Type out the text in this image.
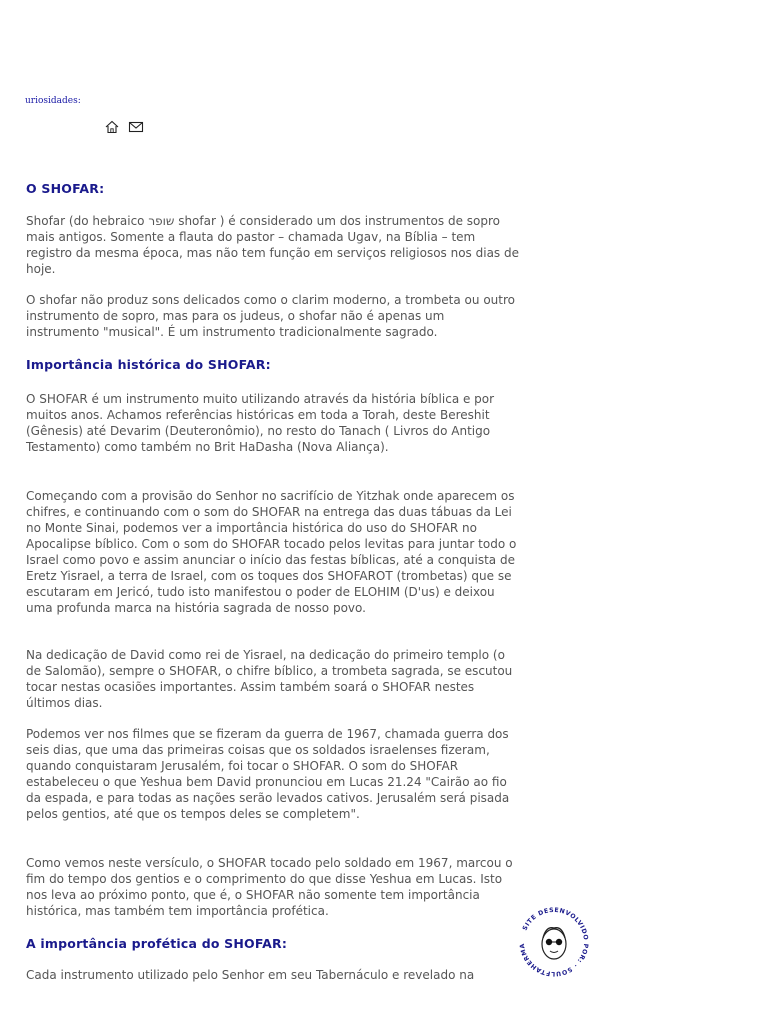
uriosidades:
O SHOFAR:

Shofar (do hebraico שופר shofar ) é considerado um dos instrumentos de sopro mais antigos. Somente a flauta do pastor – chamada Ugav, na Bíblia – tem registro da mesma época, mas não tem função em serviços religiosos nos dias de hoje.

O shofar não produz sons delicados como o clarim moderno, a trombeta ou outro instrumento de sopro, mas para os judeus, o shofar não é apenas um instrumento "musical". É um instrumento tradicionalmente sagrado.

Importância histórica do SHOFAR:

O SHOFAR é um instrumento muito utilizando através da história bíblica e por muitos anos. Achamos referências históricas em toda a Torah, deste Bereshit (Gênesis) até Devarim (Deuteronômio), no resto do Tanach ( Livros do Antigo Testamento) como também no Brit HaDasha (Nova Aliança).

Começando com a provisão do Senhor no sacrifício de Yitzhak onde aparecem os chifres, e continuando com o som do SHOFAR na entrega das duas tábuas da Lei no Monte Sinai, podemos ver a importância histórica do uso do SHOFAR no Apocalipse bíblico. Com o som do SHOFAR tocado pelos levitas para juntar todo o Israel como povo e assim anunciar o início das festas bíblicas, até a conquista de Eretz Yisrael, a terra de Israel, com os toques dos SHOFAROT (trombetas) que se escutaram em Jericó, tudo isto manifestou o poder de ELOHIM (D'us) e deixou uma profunda marca na história sagrada de nosso povo.

Na dedicação de David como rei de Yisrael, na dedicação do primeiro templo (o de Salomão), sempre o SHOFAR, o chifre bíblico, a trombeta sagrada, se escutou tocar nestas ocasiões importantes. Assim também soará o SHOFAR nestes últimos dias.

Podemos ver nos filmes que se fizeram da guerra de 1967, chamada guerra dos seis dias, que uma das primeiras coisas que os soldados israelenses fizeram, quando conquistaram Jerusalém, foi tocar o SHOFAR. O som do SHOFAR estabeleceu o que Yeshua bem David pronunciou em Lucas 21.24 "Cairão ao fio da espada, e para todas as nações serão levados cativos. Jerusalém será pisada pelos gentios, até que os tempos deles se completem".

Como vemos neste versículo, o SHOFAR tocado pelo soldado em 1967, marcou o fim do tempo dos gentios e o comprimento do que disse Yeshua em Lucas. Isto nos leva ao próximo ponto, que é, o SHOFAR não somente tem importância histórica, mas também tem importância profética.

A importância profética do SHOFAR:

Cada instrumento utilizado pelo Senhor em seu Tabernáculo e revelado na

SITE DESENVOLVIDO POR: · SOULFTAHERMA
